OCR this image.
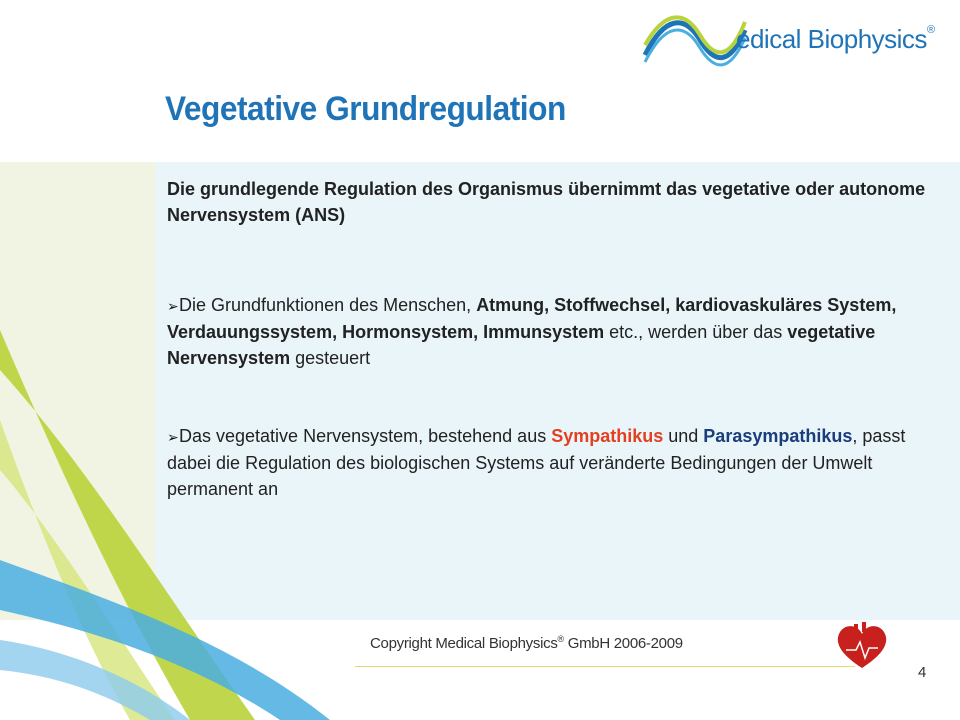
edical Biophysics®
Vegetative Grundregulation

Die grundlegende Regulation des Organismus übernimmt das vegetative oder autonome Nervensystem (ANS)

➢Die Grundfunktionen des Menschen, Atmung, Stoffwechsel, kardiovaskuläres System, Verdauungssystem, Hormonsystem, Immunsystem etc., werden über das vegetative Nervensystem gesteuert

➢Das vegetative Nervensystem, bestehend aus Sympathikus und Parasympathikus, passt dabei die Regulation des biologischen Systems auf veränderte Bedingungen der Umwelt permanent an

Copyright Medical Biophysics® GmbH 2006-2009
4
